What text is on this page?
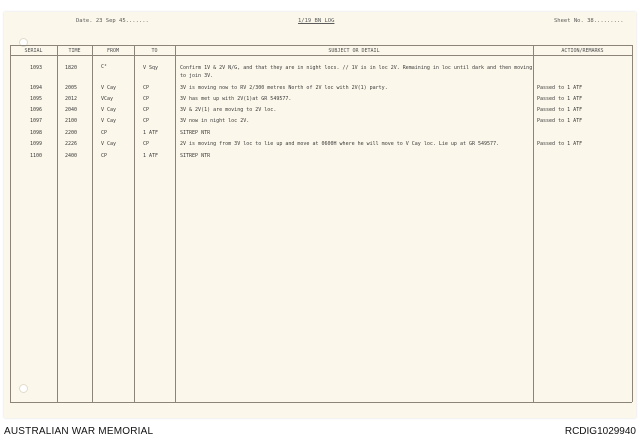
Date. 23 Sep 45.......	1/19 BN LOG	Sheet No. 38.........
SERIAL	TIME	FROM	TO	SUBJECT OR DETAIL	ACTION/REMARKS
1093	1820	C²	V Sqy	Confirm 1V & 2V N/G, and that they are in night locs. // 1V is in loc 2V. Remaining in loc until dark and then moving
to join 3V.
1094	2005	V Cay	CP	3V is moving now to RV 2/300 metres North of 2V loc with 2V(1) party.	Passed to 1 ATF
1095	2012	VCay	CP	3V has met up with 2V(1)at GR 549577.	Passed to 1 ATF
1096	2040	V Cay	CP	3V & 2V(1) are moving to 2V loc.	Passed to 1 ATF
1097	2100	V Cay	CP	3V now in night loc 2V.	Passed to 1 ATF
1098	2200	CP	1 ATF	SITREP NTR
1099	2226	V Cay	CP	2V is moving from 3V loc to lie up and move at 0600H where he will move to V Cay loc. Lie up at GR 549577.	Passed to 1 ATF
1100	2400	CP	1 ATF	SITREP NTR
AUSTRALIAN WAR MEMORIAL	RCDIG1029940
